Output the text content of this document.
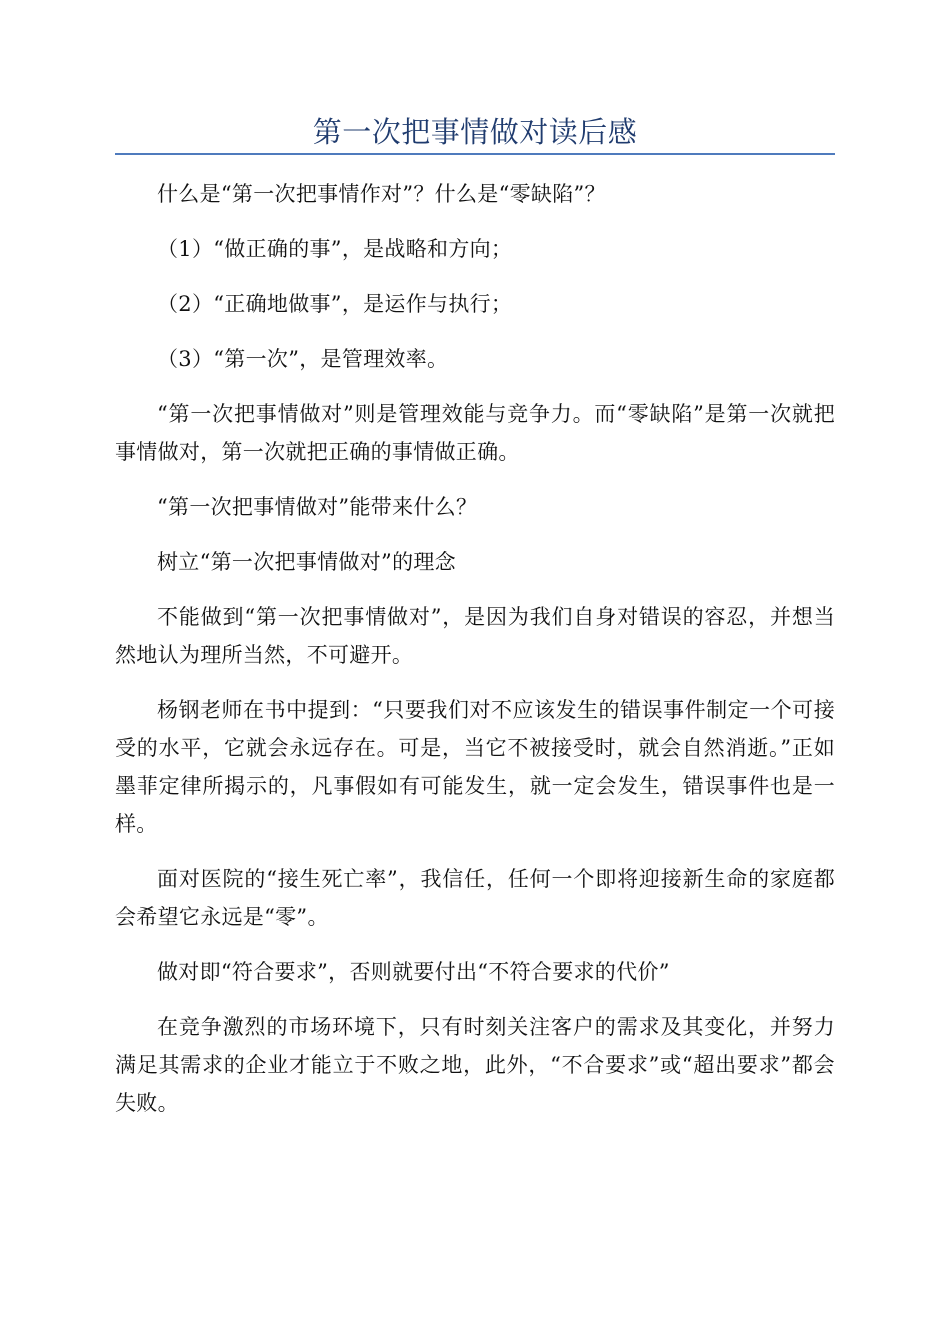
第一次把事情做对读后感

什么是“第一次把事情作对”？什么是“零缺陷”？

（1）“做正确的事”，是战略和方向；

（2）“正确地做事”，是运作与执行；

（3）“第一次”，是管理效率。

“第一次把事情做对”则是管理效能与竞争力。而“零缺陷”是第一次就把事情做对，第一次就把正确的事情做正确。

“第一次把事情做对”能带来什么？

树立“第一次把事情做对”的理念

不能做到“第一次把事情做对”，是因为我们自身对错误的容忍，并想当然地认为理所当然，不可避开。

杨钢老师在书中提到：“只要我们对不应该发生的错误事件制定一个可接受的水平，它就会永远存在。可是，当它不被接受时，就会自然消逝。”正如墨菲定律所揭示的，凡事假如有可能发生，就一定会发生，错误事件也是一样。

面对医院的“接生死亡率”，我信任，任何一个即将迎接新生命的家庭都会希望它永远是“零”。

做对即“符合要求”，否则就要付出“不符合要求的代价”

在竞争激烈的市场环境下，只有时刻关注客户的需求及其变化，并努力满足其需求的企业才能立于不败之地，此外，“不合要求”或“超出要求”都会失败。
